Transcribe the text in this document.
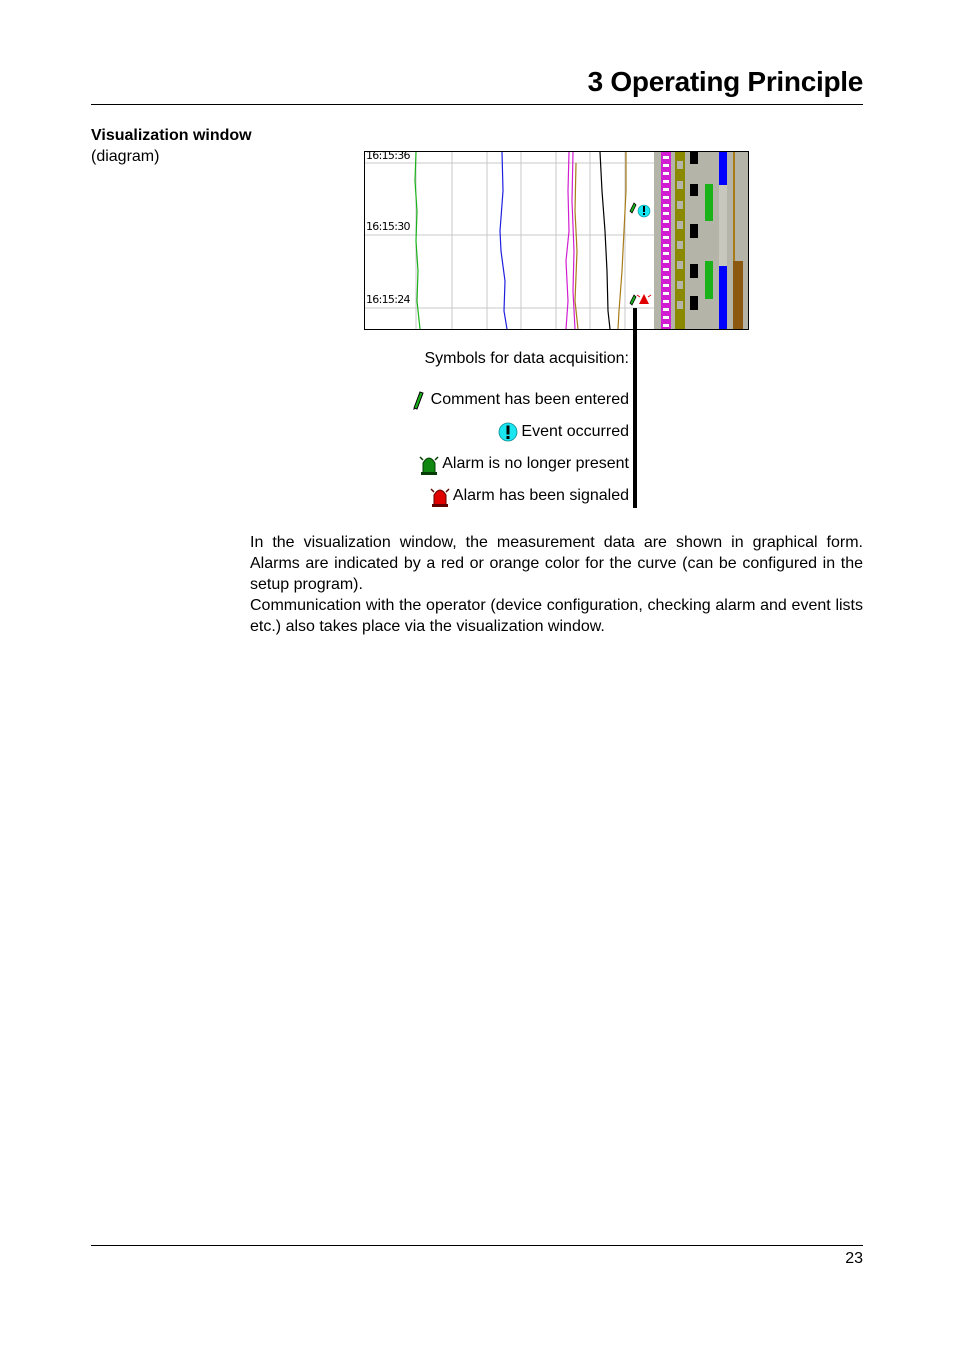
3 Operating Principle
Visualization window
(diagram)	16:15:36
16:15:30
16:15:24
Symbols for data acquisition:
Comment has been entered
Event occurred
Alarm is no longer present
Alarm has been signaled

In the visualization window, the measurement data are shown in graphical form. Alarms are indicated by a red or orange color for the curve (can be configured in the setup program).

Communication with the operator (device configuration, checking alarm and event lists etc.) also takes place via the visualization window.

23
